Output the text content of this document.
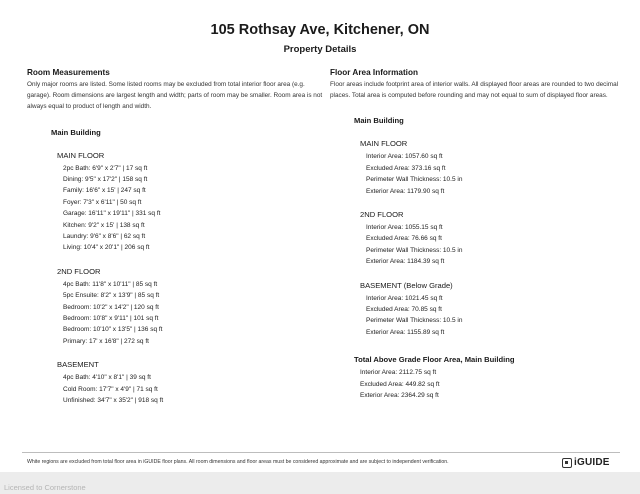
105 Rothsay Ave, Kitchener, ON
Property Details
Room Measurements
Only major rooms are listed. Some listed rooms may be excluded from total interior floor area (e.g. garage). Room dimensions are largest length and width; parts of room may be smaller. Room area is not always equal to product of length and width.
Main Building
MAIN FLOOR
2pc Bath: 6'9" x 2'7" | 17 sq ft
Dining: 9'5" x 17'2" | 158 sq ft
Family: 16'6" x 15' | 247 sq ft
Foyer: 7'3" x 6'11" | 50 sq ft
Garage: 16'11" x 19'11" | 331 sq ft
Kitchen: 9'2" x 15' | 138 sq ft
Laundry: 9'6" x 8'6" | 62 sq ft
Living: 10'4" x 20'1" | 206 sq ft
2ND FLOOR
4pc Bath: 11'8" x 10'11" | 85 sq ft
5pc Ensuite: 8'2" x 13'9" | 85 sq ft
Bedroom: 10'2" x 14'2" | 120 sq ft
Bedroom: 10'8" x 9'11" | 101 sq ft
Bedroom: 10'10" x 13'5" | 136 sq ft
Primary: 17' x 16'8" | 272 sq ft
BASEMENT
4pc Bath: 4'10" x 8'1" | 39 sq ft
Cold Room: 17'7" x 4'9" | 71 sq ft
Unfinished: 34'7" x 35'2" | 918 sq ft
Floor Area Information
Floor areas include footprint area of interior walls. All displayed floor areas are rounded to two decimal places. Total area is computed before rounding and may not equal to sum of displayed floor areas.
Main Building
MAIN FLOOR
Interior Area: 1057.60 sq ft
Excluded Area: 373.16 sq ft
Perimeter Wall Thickness: 10.5 in
Exterior Area: 1179.90 sq ft
2ND FLOOR
Interior Area: 1055.15 sq ft
Excluded Area: 76.66 sq ft
Perimeter Wall Thickness: 10.5 in
Exterior Area: 1184.39 sq ft
BASEMENT (Below Grade)
Interior Area: 1021.45 sq ft
Excluded Area: 70.85 sq ft
Perimeter Wall Thickness: 10.5 in
Exterior Area: 1155.89 sq ft
Total Above Grade Floor Area, Main Building
Interior Area: 2112.75 sq ft
Excluded Area: 449.82 sq ft
Exterior Area: 2364.29 sq ft
White regions are excluded from total floor area in iGUIDE floor plans. All room dimensions and floor areas must be considered approximate and are subject to independent verification.	iGUIDE
Licensed to Cornerstone
